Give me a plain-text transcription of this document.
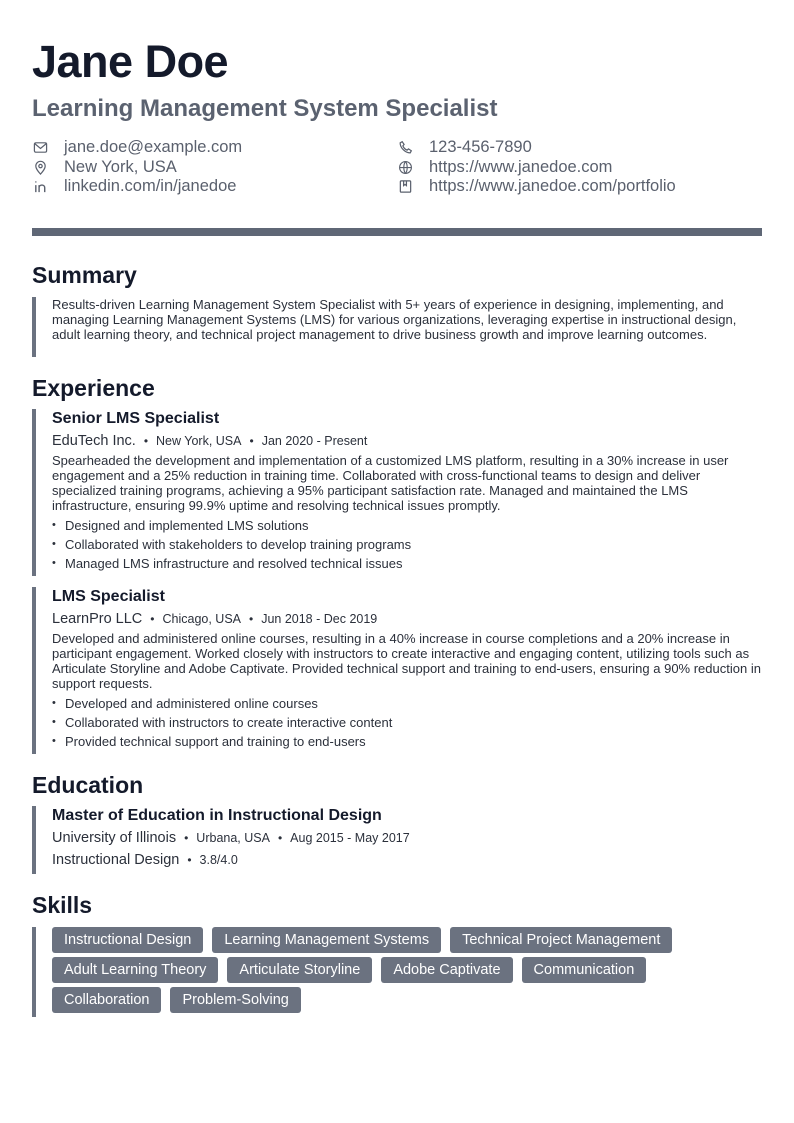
Jane Doe
Learning Management System Specialist
jane.doe@example.com
New York, USA
linkedin.com/in/janedoe
123-456-7890
https://www.janedoe.com
https://www.janedoe.com/portfolio
Summary

Results-driven Learning Management System Specialist with 5+ years of experience in designing, implementing, and managing Learning Management Systems (LMS) for various organizations, leveraging expertise in instructional design, adult learning theory, and technical project management to drive business growth and improve learning outcomes.

Experience
Senior LMS Specialist
EduTech Inc. • New York, USA • Jan 2020 - Present

Spearheaded the development and implementation of a customized LMS platform, resulting in a 30% increase in user engagement and a 25% reduction in training time. Collaborated with cross-functional teams to design and deliver specialized training programs, achieving a 95% participant satisfaction rate. Managed and maintained the LMS infrastructure, ensuring 99.9% uptime and resolving technical issues promptly.

• Designed and implemented LMS solutions
• Collaborated with stakeholders to develop training programs
• Managed LMS infrastructure and resolved technical issues
LMS Specialist
LearnPro LLC • Chicago, USA • Jun 2018 - Dec 2019

Developed and administered online courses, resulting in a 40% increase in course completions and a 20% increase in participant engagement. Worked closely with instructors to create interactive and engaging content, utilizing tools such as Articulate Storyline and Adobe Captivate. Provided technical support and training to end-users, ensuring a 90% reduction in support requests.

• Developed and administered online courses
• Collaborated with instructors to create interactive content
• Provided technical support and training to end-users
Education
Master of Education in Instructional Design
University of Illinois • Urbana, USA • Aug 2015 - May 2017
Instructional Design • 3.8/4.0
Skills
Instructional Design	Learning Management Systems	Technical Project Management
Adult Learning Theory	Articulate Storyline	Adobe Captivate	Communication
Collaboration	Problem-Solving
